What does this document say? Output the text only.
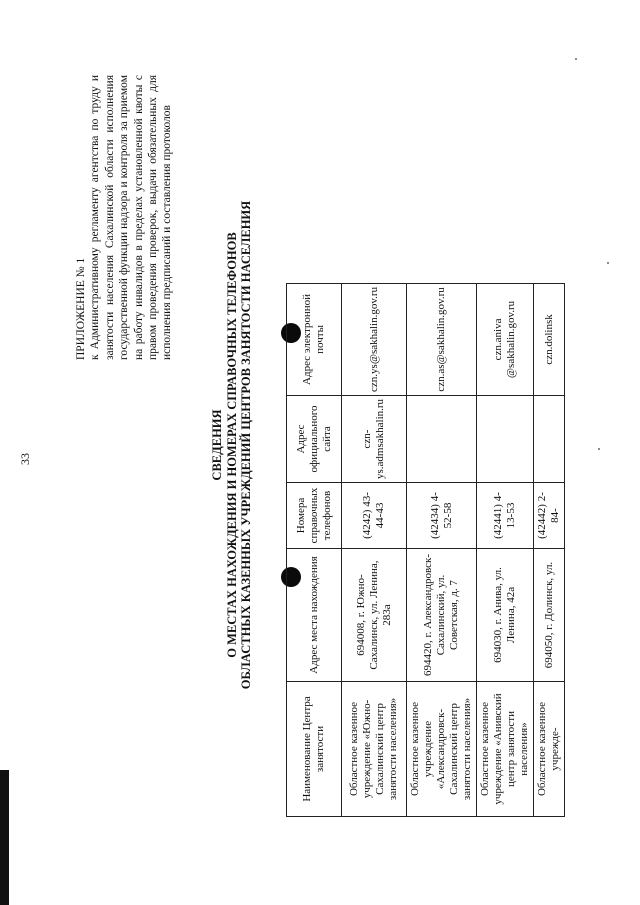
33
ПРИЛОЖЕНИЕ № 1 к Административному регламенту агентства по труду и занятости населения Сахалинской области исполнения государственной функции надзора и контроля за приемом на работу инвалидов в пределах установленной квоты с правом проведения проверок, выдачи обязательных для исполнения предписаний и составления протоколов
СВЕДЕНИЯ О МЕСТАХ НАХОЖДЕНИЯ И НОМЕРАХ СПРАВОЧНЫХ ТЕЛЕФОНОВ ОБЛАСТНЫХ КАЗЕННЫХ УЧРЕЖДЕНИЙ ЦЕНТРОВ ЗАНЯТОСТИ НАСЕЛЕНИЯ
Наименование Центра занятости	Адрес места нахождения	Номера справочных телефонов	Адрес официального сайта	Адрес электронной почты
Областное казенное учреждение «Южно-Сахалинский центр занятости населения»	694008, г. Южно-Сахалинск, ул. Ленина, 283а	(4242) 43-44-43	czn-ys.admsakhalin.ru	czn.ys@sakhalin.gov.ru
Областное казенное учреждение «Александровск-Сахалинский центр занятости населения»	694420, г. Александровск-Сахалинский, ул. Советская, д. 7	(42434) 4-52-58		czn.as@sakhalin.gov.ru
Областное казенное учреждение «Анивский центр занятости населения»	694030, г. Анива, ул. Ленина, 42а	(42441) 4-13-53		czn.aniva @sakhalin.gov.ru
Областное казенное учрежде-	694050, г. Долинск, ул.	(42442) 2-84-		czn.dolinsk
